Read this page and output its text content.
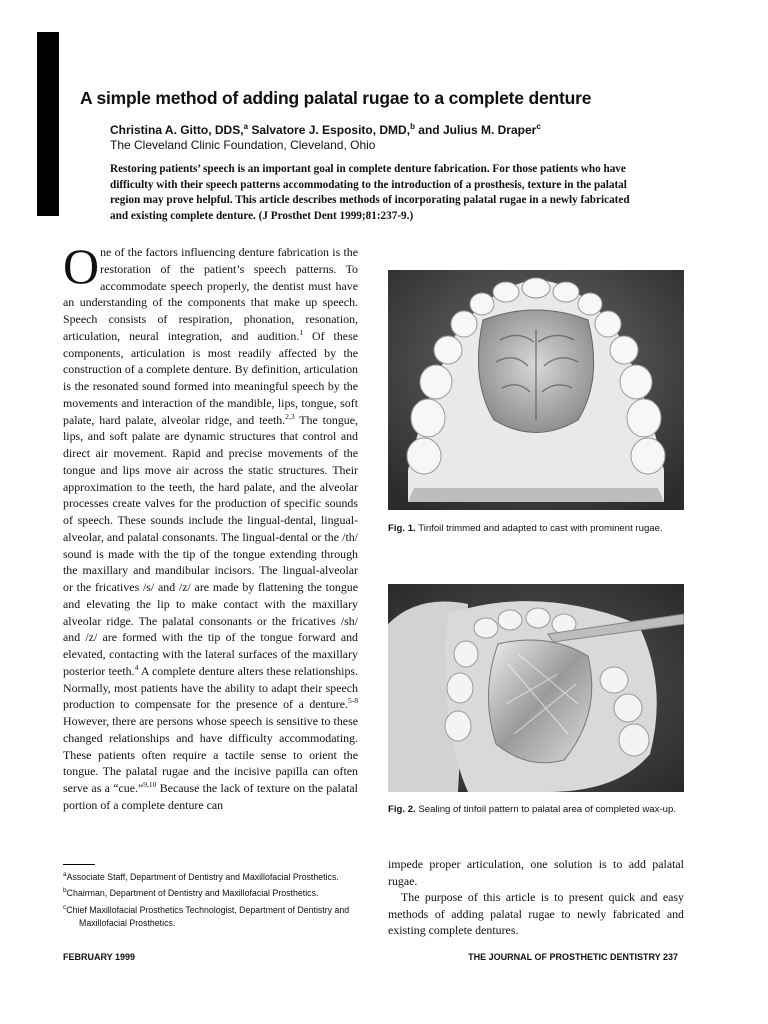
A simple method of adding palatal rugae to a complete denture
Christina A. Gitto, DDS,$^a$ Salvatore J. Esposito, DMD,$^b$ and Julius M. Draper$^c$
The Cleveland Clinic Foundation, Cleveland, Ohio

Restoring patients’ speech is an important goal in complete denture fabrication. For those patients who have difficulty with their speech patterns accommodating to the introduction of a prosthesis, texture in the palatal region may prove helpful. This article describes methods of incorporating palatal rugae in a newly fabricated and existing complete denture. (J Prosthet Dent 1999;81:237-9.)

One of the factors influencing denture fabrication is the restoration of the patient’s speech patterns. To accommodate speech properly, the dentist must have an understanding of the components that make up speech. Speech consists of respiration, phonation, resonation, articulation, neural integration, and audition.$^1$ Of these components, articulation is most readily affected by the construction of a complete denture. By definition, articulation is the resonated sound formed into meaningful speech by the movements and interaction of the mandible, lips, tongue, soft palate, hard palate, alveolar ridge, and teeth.$^{2,3}$ The tongue, lips, and soft palate are dynamic structures that control and direct air movement. Rapid and precise movements of the tongue and lips move air across the static structures. Their approximation to the teeth, the hard palate, and the alveolar processes create valves for the production of specific sounds of speech. These sounds include the lingual-dental, lingual-alveolar, and palatal consonants. The lingual-dental or the /th/ sound is made with the tip of the tongue extending through the maxillary and mandibular incisors. The lingual-alveolar or the fricatives /s/ and /z/ are made by flattening the tongue and elevating the lip to make contact with the maxillary alveolar ridge. The palatal consonants or the fricatives /sh/ and /z/ are formed with the tip of the tongue forward and elevated, contacting with the lateral surfaces of the maxillary posterior teeth.$^4$ A complete denture alters these relationships. Normally, most patients have the ability to adapt their speech production to compensate for the presence of a denture.$^{5-8}$ However, there are persons whose speech is sensitive to these changed relationships and have difficulty accommodating. These patients often require a tactile sense to orient the tongue. The palatal rugae and the incisive papilla can often serve as a “cue.”$^{9,10}$ Because the lack of texture on the palatal portion of a complete denture can

Fig. 1. Tinfoil trimmed and adapted to cast with prominent rugae.

Fig. 2. Sealing of tinfoil pattern to palatal area of completed wax-up.

impede proper articulation, one solution is to add palatal rugae.

The purpose of this article is to present quick and easy methods of adding palatal rugae to newly fabricated and existing complete dentures.

$^a$Associate Staff, Department of Dentistry and Maxillofacial Prosthetics.
$^b$Chairman, Department of Dentistry and Maxillofacial Prosthetics.
$^c$Chief Maxillofacial Prosthetics Technologist, Department of Dentistry and Maxillofacial Prosthetics.
FEBRUARY 1999	THE JOURNAL OF PROSTHETIC DENTISTRY 237
